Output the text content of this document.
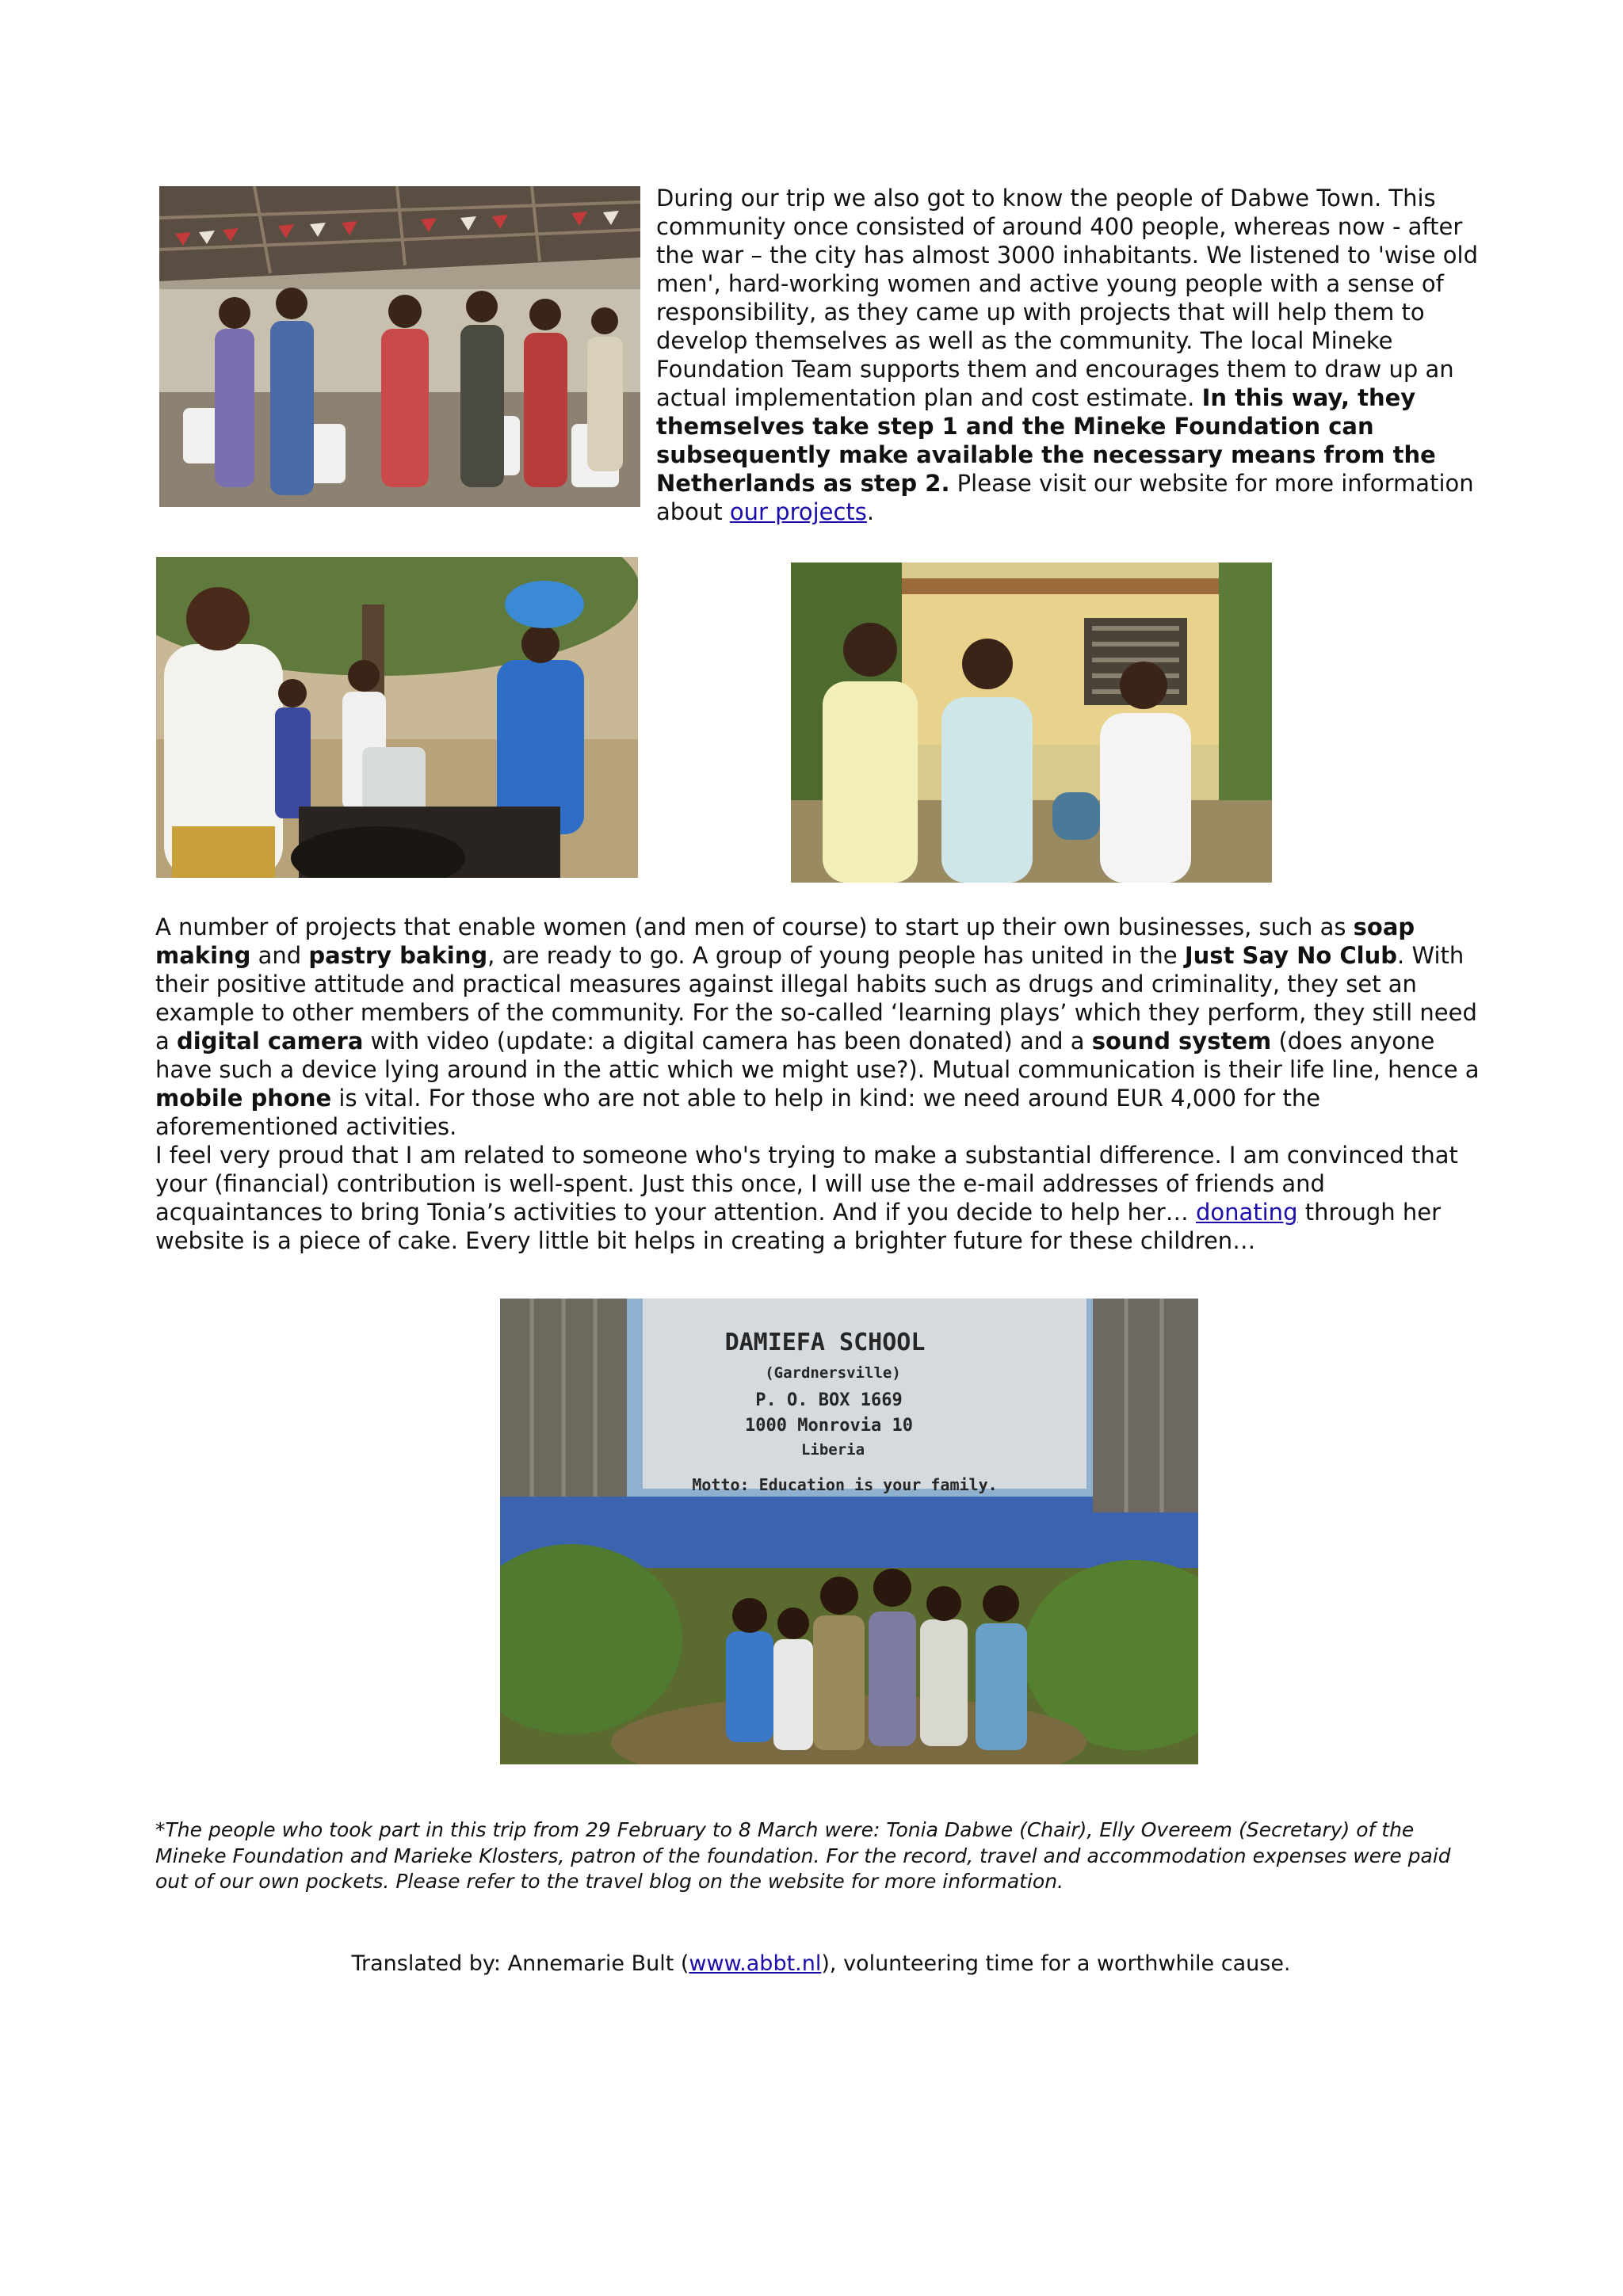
During our trip we also got to know the people of Dabwe Town. This community once consisted of around 400 people, whereas now - after the war – the city has almost 3000 inhabitants. We listened to 'wise old men', hard-working women and active young people with a sense of responsibility, as they came up with projects that will help them to develop themselves as well as the community. The local Mineke Foundation Team supports them and encourages them to draw up an actual implementation plan and cost estimate. In this way, they themselves take step 1 and the Mineke Foundation can subsequently make available the necessary means from the Netherlands as step 2. Please visit our website for more information about our projects.

A number of projects that enable women (and men of course) to start up their own businesses, such as soap making and pastry baking, are ready to go. A group of young people has united in the Just Say No Club. With their positive attitude and practical measures against illegal habits such as drugs and criminality, they set an example to other members of the community. For the so-called ‘learning plays’ which they perform, they still need a digital camera with video (update: a digital camera has been donated) and a sound system (does anyone have such a device lying around in the attic which we might use?). Mutual communication is their life line, hence a mobile phone is vital. For those who are not able to help in kind: we need around EUR 4,000 for the aforementioned activities.

I feel very proud that I am related to someone who's trying to make a substantial difference. I am convinced that your (financial) contribution is well-spent. Just this once, I will use the e-mail addresses of friends and acquaintances to bring Tonia’s activities to your attention. And if you decide to help her… donating through her website is a piece of cake. Every little bit helps in creating a brighter future for these children…

DAMIEFA SCHOOL
(Gardnersville)
P. O. BOX 1669
1000 Monrovia 10
Liberia
Motto: Education is your family.

*The people who took part in this trip from 29 February to 8 March were: Tonia Dabwe (Chair), Elly Overeem (Secretary) of the Mineke Foundation and Marieke Klosters, patron of the foundation. For the record, travel and accommodation expenses were paid out of our own pockets. Please refer to the travel blog on the website for more information.

Translated by: Annemarie Bult (www.abbt.nl), volunteering time for a worthwhile cause.
